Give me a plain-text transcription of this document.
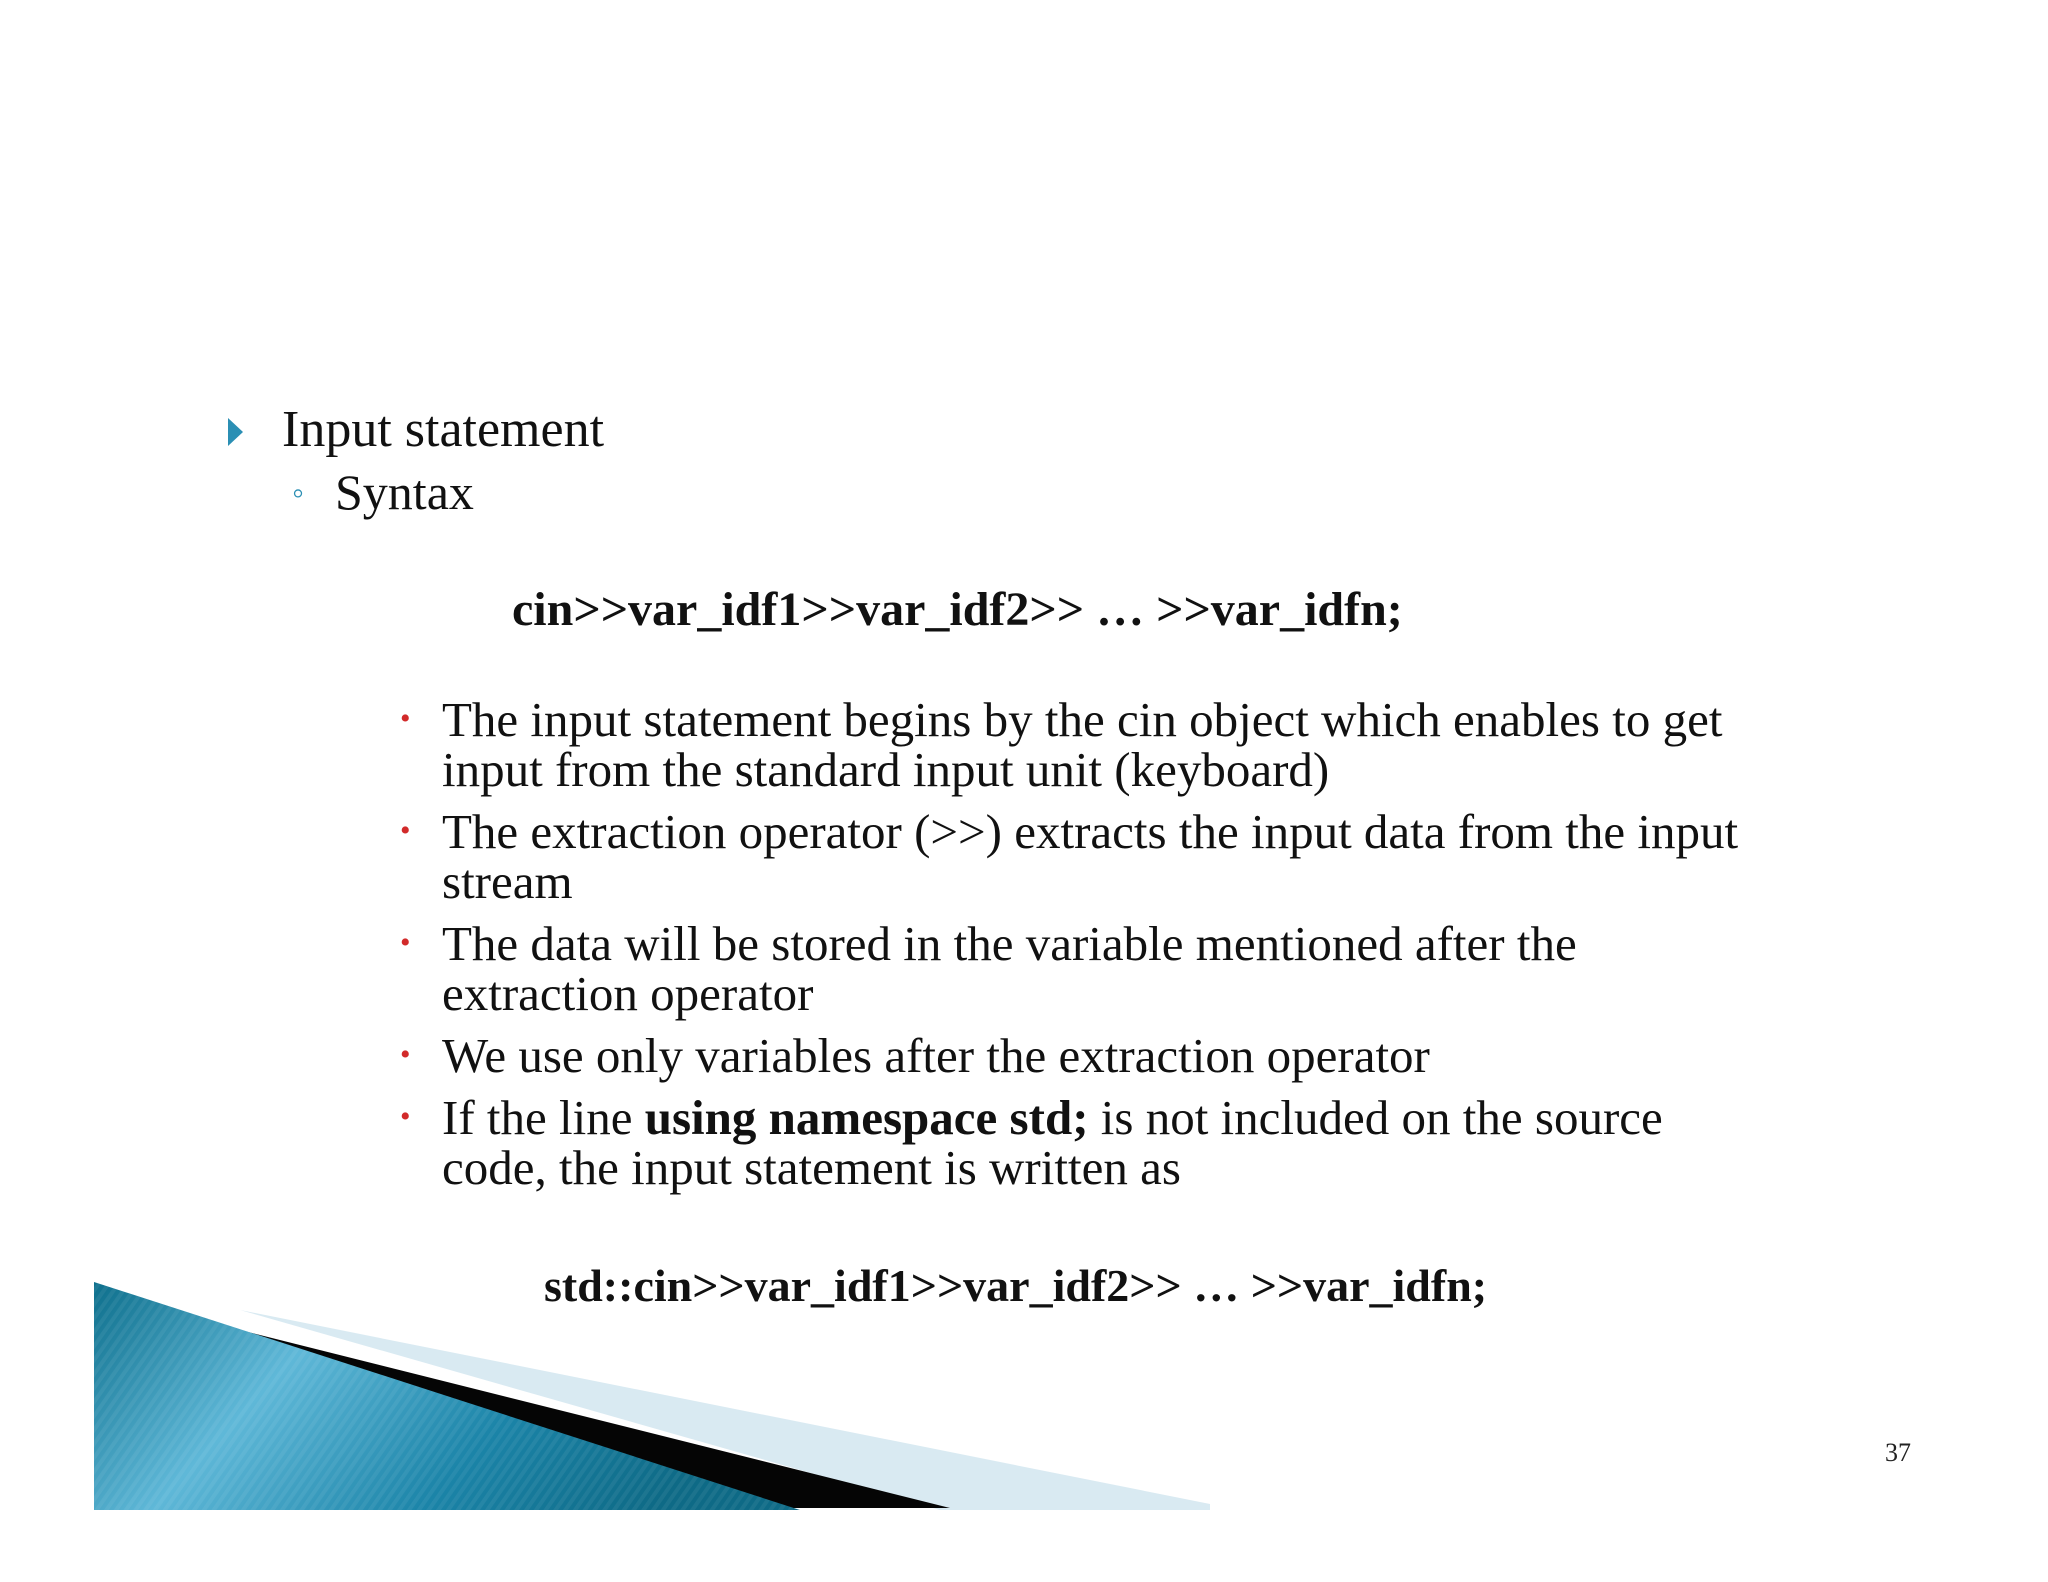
Input statement
◦ Syntax
cin>>var_idf1>>var_idf2>> … >>var_idfn;
• The input statement begins by the cin object which enables to get
input from the standard input unit (keyboard)
• The extraction operator (>>) extracts the input data from the input
stream
• The data will be stored in the variable mentioned after the
extraction operator
• We use only variables after the extraction operator
• If the line using namespace std; is not included on the source
code, the input statement is written as
std::cin>>var_idf1>>var_idf2>> … >>var_idfn;
37
